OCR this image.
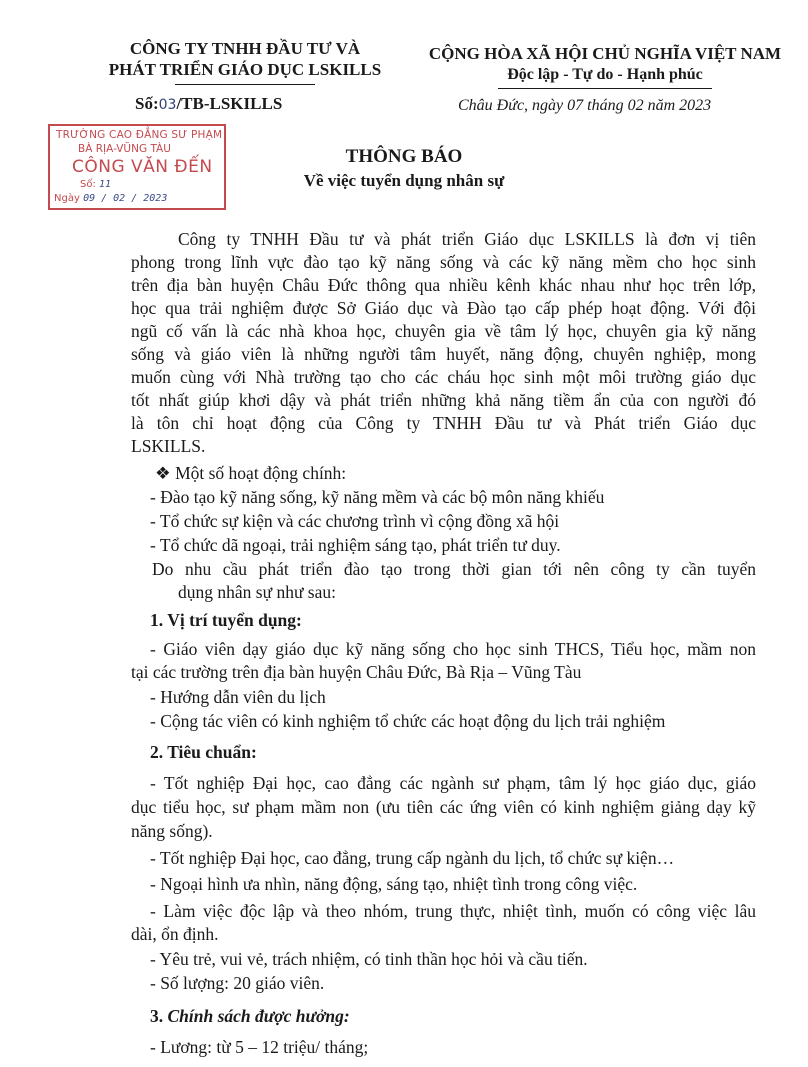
CÔNG TY TNHH ĐẦU TƯ VÀ
PHÁT TRIỂN GIÁO DỤC LSKILLS
CỘNG HÒA XÃ HỘI CHỦ NGHĨA VIỆT NAM
Độc lập - Tự do - Hạnh phúc
Số:03/TB-LSKILLS	Châu Đức, ngày 07 tháng 02 năm 2023
TRƯỜNG CAO ĐẲNG SƯ PHẠM
BÀ RỊA-VŨNG TÀU
CÔNG VĂN ĐẾN
Số: 11
Ngày 09 / 02 / 2023
THÔNG BÁO
Về việc tuyển dụng nhân sự
Công ty TNHH Đầu tư và phát triển Giáo dục LSKILLS là đơn vị tiên
phong trong lĩnh vực đào tạo kỹ năng sống và các kỹ năng mềm cho học sinh
trên địa bàn huyện Châu Đức thông qua nhiều kênh khác nhau như học trên lớp,
học qua trải nghiệm được Sở Giáo dục và Đào tạo cấp phép hoạt động. Với đội
ngũ cố vấn là các nhà khoa học, chuyên gia về tâm lý học, chuyên gia kỹ năng
sống và giáo viên là những người tâm huyết, năng động, chuyên nghiệp, mong
muốn cùng với Nhà trường tạo cho các cháu học sinh một môi trường giáo dục
tốt nhất giúp khơi dậy và phát triển những khả năng tiềm ẩn của con người đó
là tôn chỉ hoạt động của Công ty TNHH Đầu tư và Phát triển Giáo dục
LSKILLS.
❖ Một số hoạt động chính:
- Đào tạo kỹ năng sống, kỹ năng mềm và các bộ môn năng khiếu
- Tổ chức sự kiện và các chương trình vì cộng đồng xã hội
- Tổ chức dã ngoại, trải nghiệm sáng tạo, phát triển tư duy.
Do nhu cầu phát triển đào tạo trong thời gian tới nên công ty cần tuyển
dụng nhân sự như sau:
1. Vị trí tuyển dụng:
- Giáo viên dạy giáo dục kỹ năng sống cho học sinh THCS, Tiểu học, mầm non
tại các trường trên địa bàn huyện Châu Đức, Bà Rịa – Vũng Tàu
- Hướng dẫn viên du lịch
- Cộng tác viên có kinh nghiệm tổ chức các hoạt động du lịch trải nghiệm
2. Tiêu chuẩn:
- Tốt nghiệp Đại học, cao đẳng các ngành sư phạm, tâm lý học giáo dục, giáo
dục tiểu học, sư phạm mầm non (ưu tiên các ứng viên có kinh nghiệm giảng dạy kỹ
năng sống).
- Tốt nghiệp Đại học, cao đẳng, trung cấp ngành du lịch, tổ chức sự kiện…
- Ngoại hình ưa nhìn, năng động, sáng tạo, nhiệt tình trong công việc.
- Làm việc độc lập và theo nhóm, trung thực, nhiệt tình, muốn có công việc lâu
dài, ổn định.
- Yêu trẻ, vui vẻ, trách nhiệm, có tinh thần học hỏi và cầu tiến.
- Số lượng: 20 giáo viên.
3. Chính sách được hưởng:
- Lương: từ 5 – 12 triệu/ tháng;
